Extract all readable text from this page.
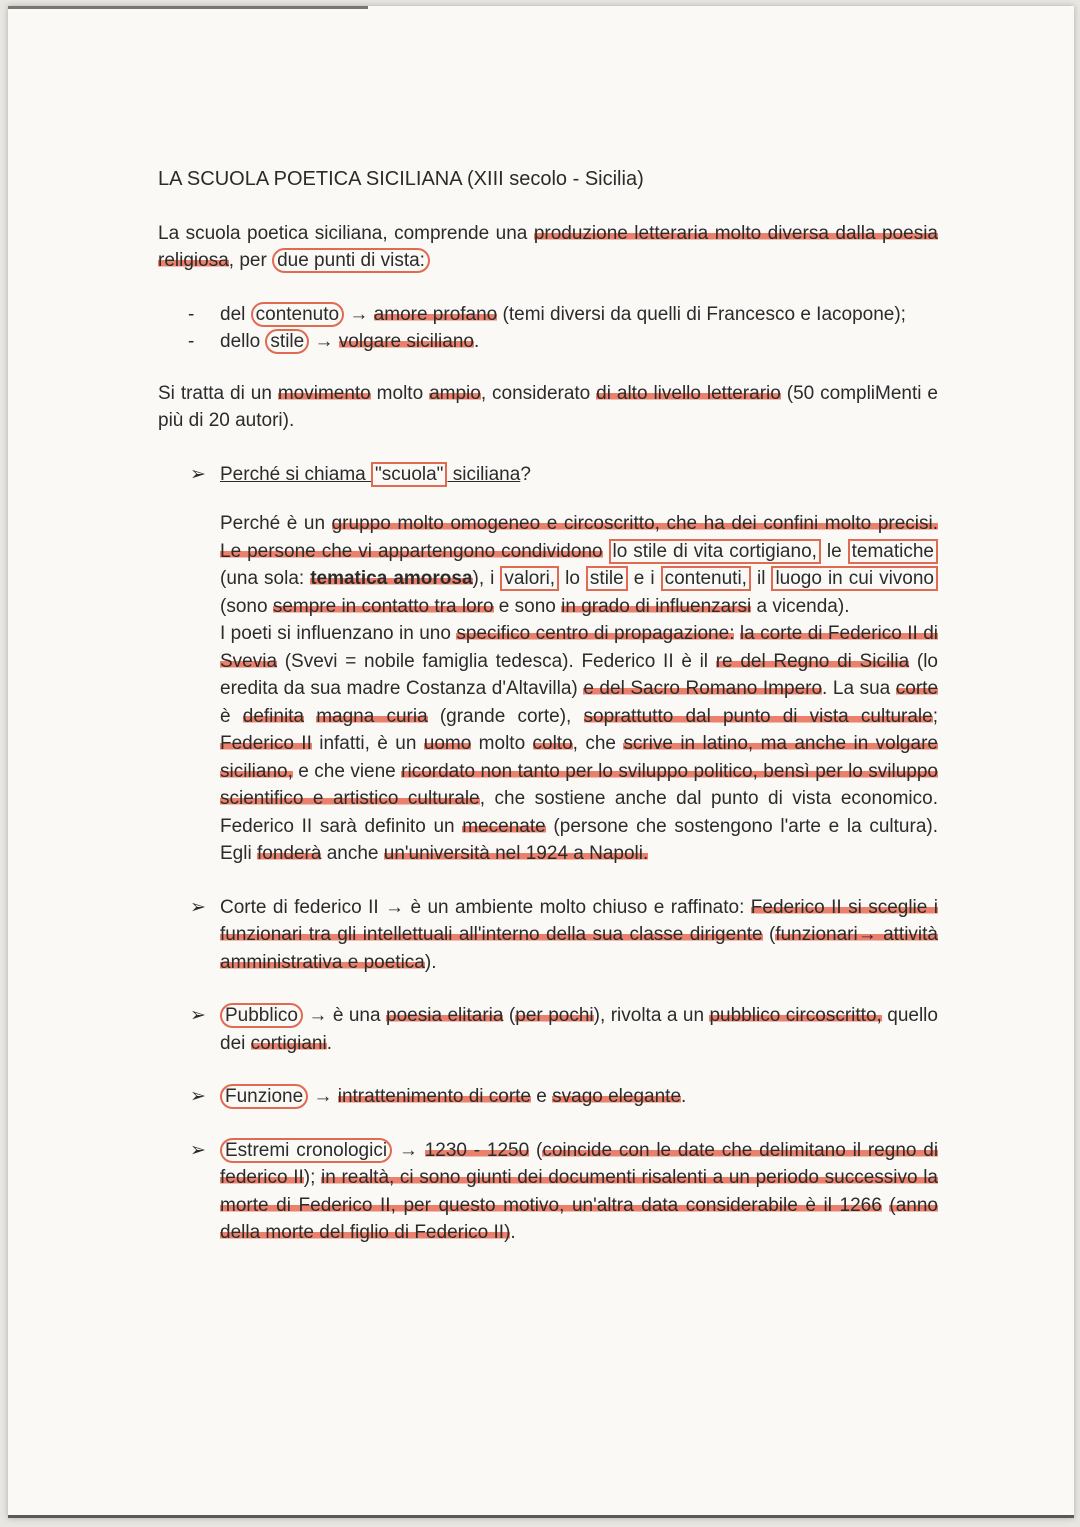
LA SCUOLA POETICA SICILIANA (XIII secolo - Sicilia)

La scuola poetica siciliana, comprende una produzione letteraria molto diversa dalla poesia religiosa, per due punti di vista:

- del contenuto → amore profano (temi diversi da quelli di Francesco e Iacopone);
- dello stile → volgare siciliano.

Si tratta di un movimento molto ampio, considerato di alto livello letterario (50 compliMenti e più di 20 autori).

➢ Perché si chiama "scuola" siciliana?

Perché è un gruppo molto omogeneo e circoscritto, che ha dei confini molto precisi. Le persone che vi appartengono condividono lo stile di vita cortigiano, le tematiche (una sola: tematica amorosa), i valori, lo stile e i contenuti, il luogo in cui vivono (sono sempre in contatto tra loro e sono in grado di influenzarsi a vicenda).

I poeti si influenzano in uno specifico centro di propagazione: la corte di Federico II di Svevia (Svevi = nobile famiglia tedesca). Federico II è il re del Regno di Sicilia (lo eredita da sua madre Costanza d'Altavilla) e del Sacro Romano Impero. La sua corte è definita magna curia (grande corte), soprattutto dal punto di vista culturale; Federico II infatti, è un uomo molto colto, che scrive in latino, ma anche in volgare siciliano, e che viene ricordato non tanto per lo sviluppo politico, bensì per lo sviluppo scientifico e artistico culturale, che sostiene anche dal punto di vista economico. Federico II sarà definito un mecenate (persone che sostengono l'arte e la cultura). Egli fonderà anche un'università nel 1924 a Napoli.

➢ Corte di federico II → è un ambiente molto chiuso e raffinato: Federico II si sceglie i funzionari tra gli intellettuali all'interno della sua classe dirigente (funzionari→ attività amministrativa e poetica).
➢ Pubblico → è una poesia elitaria (per pochi), rivolta a un pubblico circoscritto, quello dei cortigiani.
➢ Funzione → intrattenimento di corte e svago elegante.
➢ Estremi cronologici → 1230 - 1250 (coincide con le date che delimitano il regno di federico II); in realtà, ci sono giunti dei documenti risalenti a un periodo successivo la morte di Federico II, per questo motivo, un'altra data considerabile è il 1266 (anno della morte del figlio di Federico II).
